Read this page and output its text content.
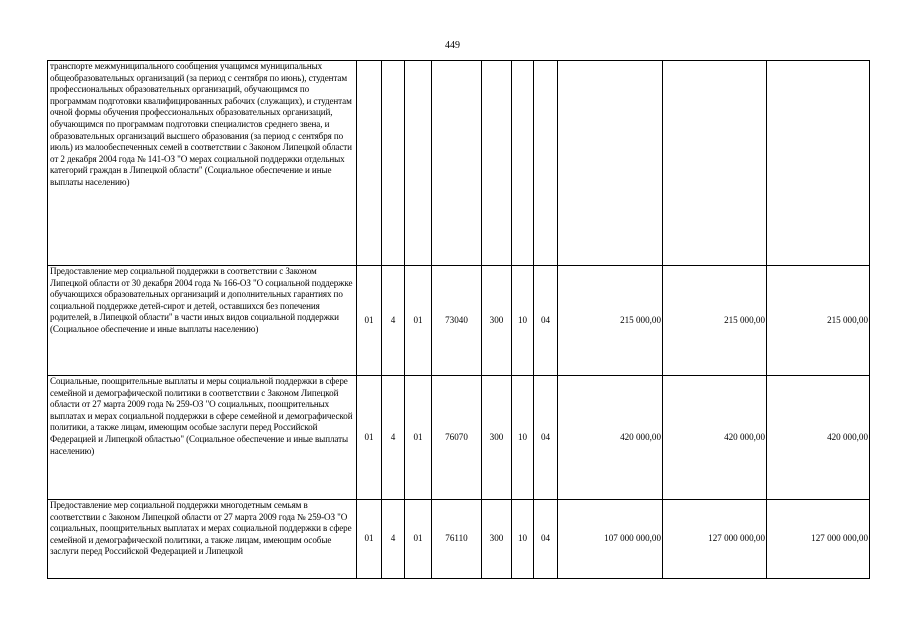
449
транспорте межмуниципального сообщения учащимся муниципальных общеобразовательных организаций (за период с сентября по июнь), студентам профессиональных образовательных организаций, обучающимся по программам подготовки квалифицированных рабочих (служащих), и студентам очной формы обучения профессиональных образовательных организаций, обучающимся по программам подготовки специалистов среднего звена, и образовательных организаций высшего образования (за период с сентября по июль) из малообеспеченных семей в соответствии с Законом Липецкой области от 2 декабря 2004 года № 141-ОЗ "О мерах социальной поддержки отдельных категорий граждан в Липецкой области" (Социальное обеспечение и иные выплаты населению)										
Предоставление мер социальной поддержки в соответствии с Законом Липецкой области от 30 декабря 2004 года № 166-ОЗ "О социальной поддержке обучающихся образовательных организаций и дополнительных гарантиях по социальной поддержке детей-сирот и детей, оставшихся без попечения родителей, в Липецкой области" в части иных видов социальной поддержки (Социальное обеспечение и иные выплаты населению)	01	4	01	73040	300	10	04	215 000,00	215 000,00	215 000,00
Социальные, поощрительные выплаты и меры социальной поддержки в сфере семейной и демографической политики в соответствии с Законом Липецкой области от 27 марта 2009 года № 259-ОЗ "О социальных, поощрительных выплатах и мерах социальной поддержки в сфере семейной и демографической политики, а также лицам, имеющим особые заслуги перед Российской Федерацией и Липецкой областью" (Социальное обеспечение и иные выплаты населению)	01	4	01	76070	300	10	04	420 000,00	420 000,00	420 000,00
Предоставление мер социальной поддержки многодетным семьям в соответствии с Законом Липецкой области от 27 марта 2009 года № 259-ОЗ "О социальных, поощрительных выплатах и мерах социальной поддержки в сфере семейной и демографической политики, а также лицам, имеющим особые заслуги перед Российской Федерацией и Липецкой	01	4	01	76110	300	10	04	107 000 000,00	127 000 000,00	127 000 000,00
